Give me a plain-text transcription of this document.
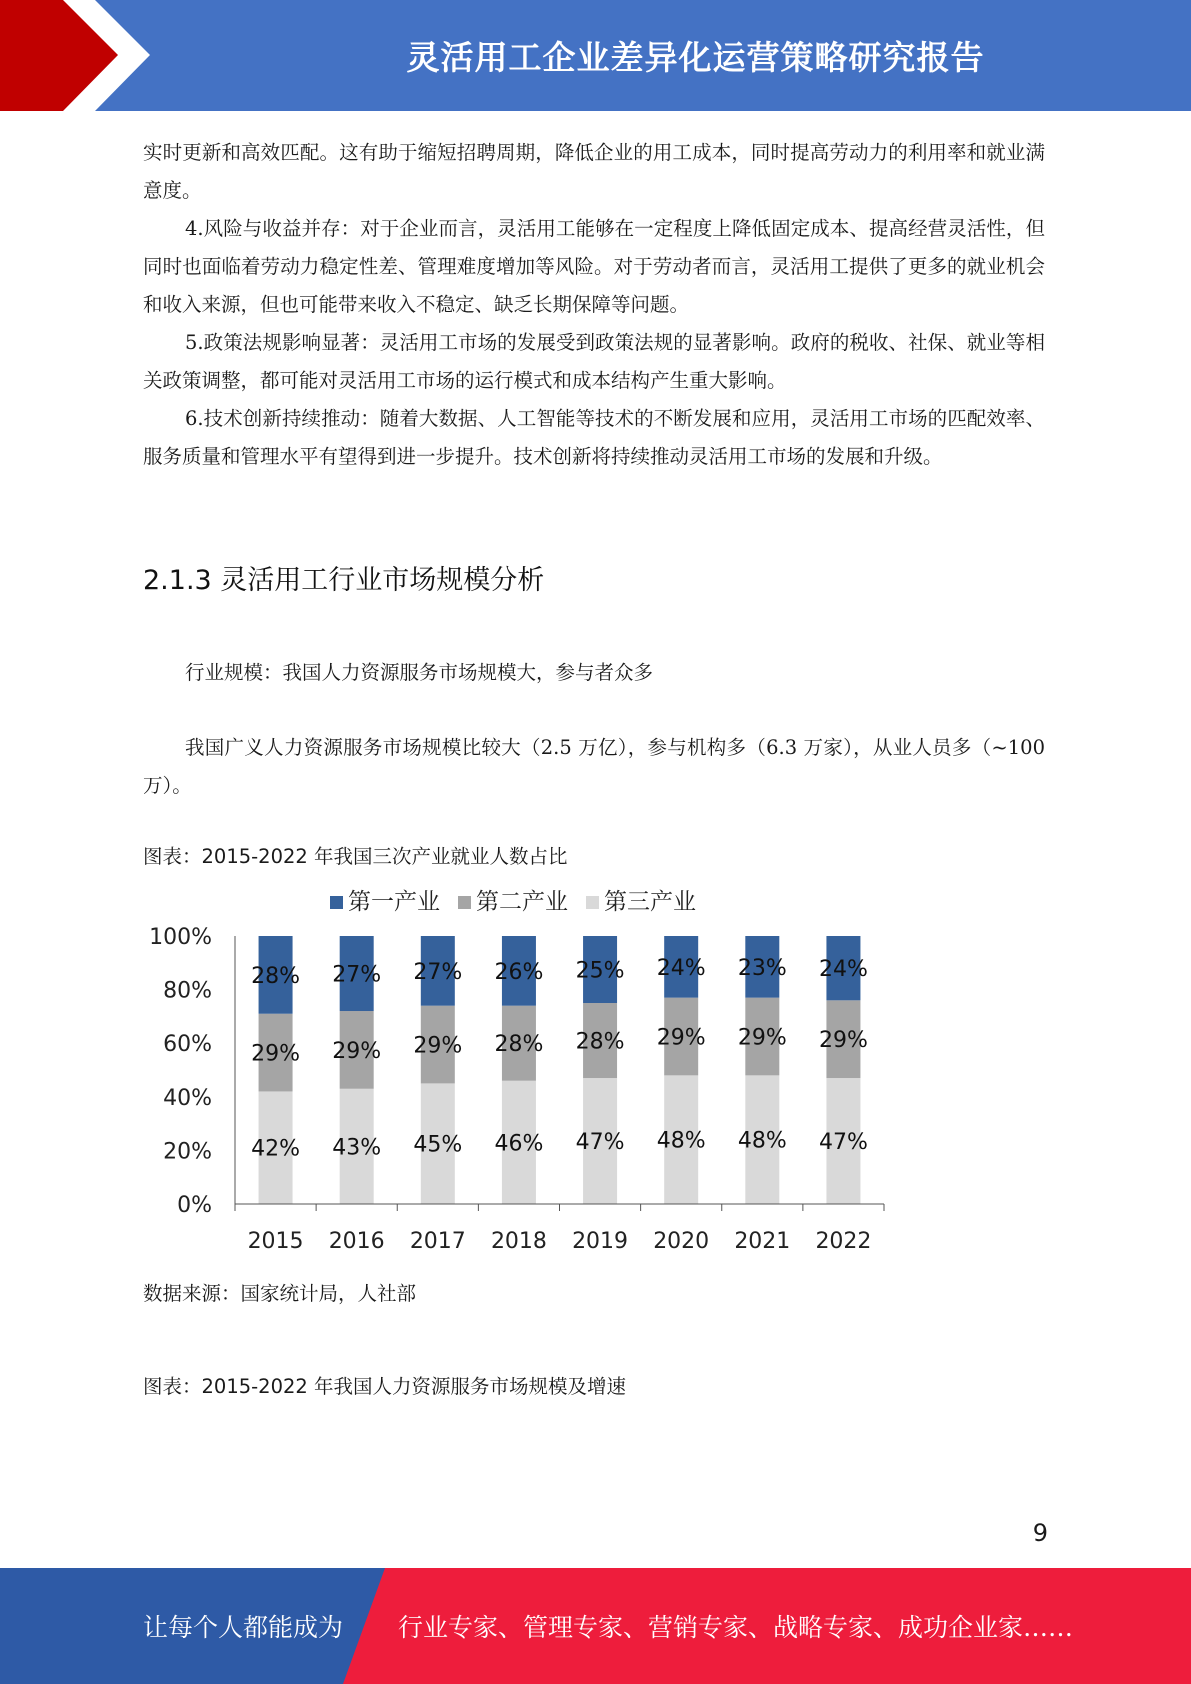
灵活用工企业差异化运营策略研究报告

实时更新和高效匹配。这有助于缩短招聘周期，降低企业的用工成本，同时提高劳动力的利用率和就业满意度。

4.风险与收益并存：对于企业而言，灵活用工能够在一定程度上降低固定成本、提高经营灵活性，但同时也面临着劳动力稳定性差、管理难度增加等风险。对于劳动者而言，灵活用工提供了更多的就业机会和收入来源，但也可能带来收入不稳定、缺乏长期保障等问题。

5.政策法规影响显著：灵活用工市场的发展受到政策法规的显著影响。政府的税收、社保、就业等相关政策调整，都可能对灵活用工市场的运行模式和成本结构产生重大影响。

6.技术创新持续推动：随着大数据、人工智能等技术的不断发展和应用，灵活用工市场的匹配效率、服务质量和管理水平有望得到进一步提升。技术创新将持续推动灵活用工市场的发展和升级。

2.1.3 灵活用工行业市场规模分析

行业规模：我国人力资源服务市场规模大，参与者众多

我国广义人力资源服务市场规模比较大（2.5 万亿），参与机构多（6.3 万家），从业人员多（~100 万）。

图表：2015-2022 年我国三次产业就业人数占比
第一产业 第二产业 第三产业
0%
20%
40%
60%
80%
100%
42%
29%
28%
2015
43%
29%
27%
2016
45%
29%
27%
2017
46%
28%
26%
2018
47%
28%
25%
2019
48%
29%
24%
2020
48%
29%
23%
2021
47%
29%
24%
2022
数据来源：国家统计局，人社部
图表：2015-2022 年我国人力资源服务市场规模及增速
9
让每个人都能成为 行业专家、管理专家、营销专家、战略专家、成功企业家……
